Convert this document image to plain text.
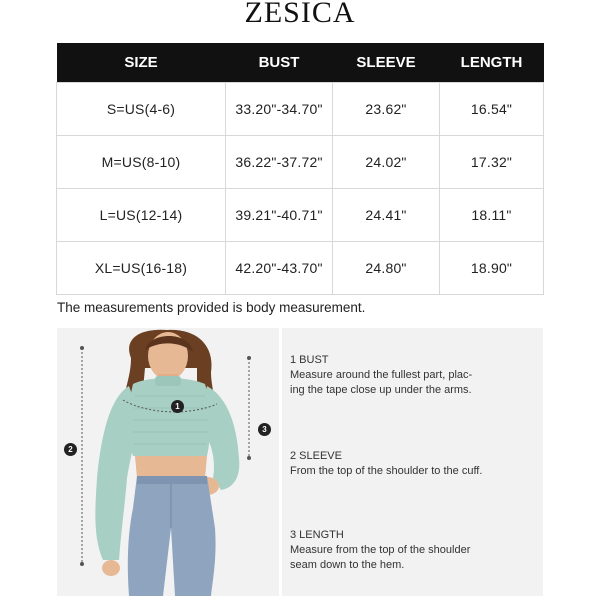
ZESICA
SIZE	BUST	SLEEVE	LENGTH
S=US(4-6)	33.20"-34.70"	23.62"	16.54"
M=US(8-10)	36.22"-37.72"	24.02"	17.32"
L=US(12-14)	39.21"-40.71"	24.41"	18.11"
XL=US(16-18)	42.20"-43.70"	24.80"	18.90"
The measurements provided is body measurement.
1
2
3
1 BUST
Measure around the fullest part, plac-
ing the tape close up under the arms.
2 SLEEVE
From the top of the shoulder to the cuff.
3 LENGTH
Measure from the top of the shoulder
seam down to the hem.
